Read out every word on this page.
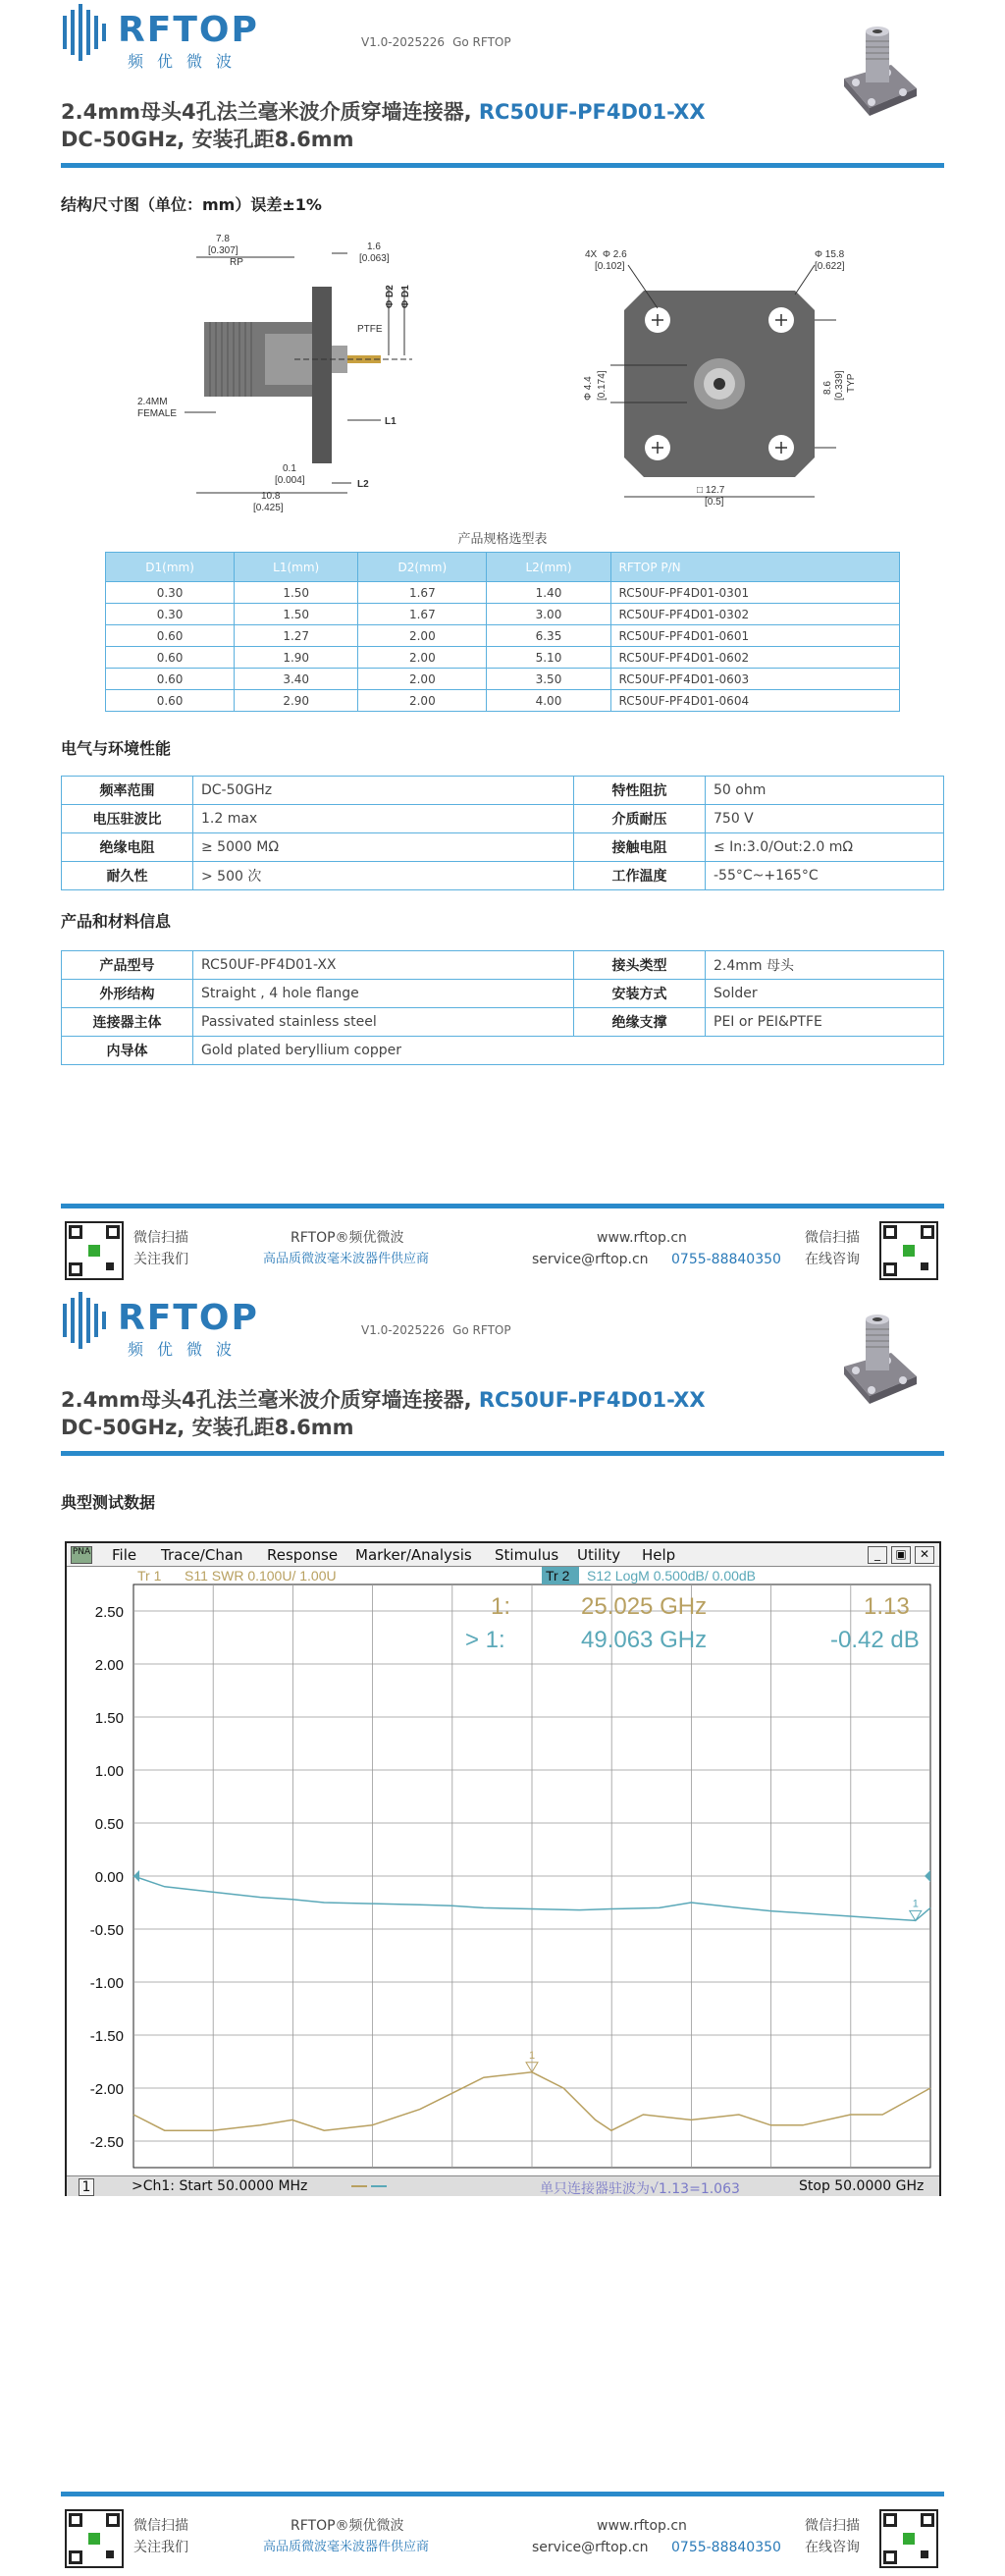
RFTOP
频优微波
V1.0-2025226 Go RFTOP
2.4mm母头4孔法兰毫米波介质穿墙连接器, RC50UF-PF4D01-XX
DC-50GHz, 安装孔距8.6mm
结构尺寸图（单位：mm）误差±1%
7.8
[0.307]
RP
1.6
[0.063]
PTFE
Φ D2 Φ D1
2.4MM
FEMALE
L1
0.1
[0.004]	L2
10.8
[0.425]
4X Φ 2.6
[0.102]
Φ 15.8
[0.622]
Φ 4.4 [0.174]	8.6 [0.339] TYP
□ 12.7
[0.5]
产品规格选型表
D1(mm)	L1(mm)	D2(mm)	L2(mm)	RFTOP P/N
0.30	1.50	1.67	1.40	RC50UF-PF4D01-0301
0.30	1.50	1.67	3.00	RC50UF-PF4D01-0302
0.60	1.27	2.00	6.35	RC50UF-PF4D01-0601
0.60	1.90	2.00	5.10	RC50UF-PF4D01-0602
0.60	3.40	2.00	3.50	RC50UF-PF4D01-0603
0.60	2.90	2.00	4.00	RC50UF-PF4D01-0604
电气与环境性能
频率范围	DC-50GHz	特性阻抗	50 ohm
电压驻波比	1.2 max	介质耐压	750 V
绝缘电阻	≥ 5000 MΩ	接触电阻	≤ In:3.0/Out:2.0 mΩ
耐久性	> 500 次	工作温度	-55°C~+165°C
产品和材料信息
产品型号	RC50UF-PF4D01-XX	接头类型	2.4mm 母头
外形结构	Straight , 4 hole flange	安装方式	Solder
连接器主体	Passivated stainless steel	绝缘支撑	PEI or PEI&PTFE
内导体	Gold plated beryllium copper		
微信扫描
关注我们
RFTOP®频优微波
高品质微波毫米波器件供应商
www.rftop.cn
service@rftop.cn 0755-88840350
微信扫描
在线咨询
RFTOP
频优微波
V1.0-2025226 Go RFTOP
2.4mm母头4孔法兰毫米波介质穿墙连接器, RC50UF-PF4D01-XX
DC-50GHz, 安装孔距8.6mm
典型测试数据
微信扫描
关注我们
RFTOP®频优微波
高品质微波毫米波器件供应商
www.rftop.cn
service@rftop.cn 0755-88840350
微信扫描
在线咨询
PNA File Trace/Chan Response Marker/Analysis Stimulus Utility Help	_	▣	✕
2.50
2.00
1.50
1.00
0.50
0.00
-0.50
-1.00
-1.50
-2.00
-2.50
Tr 1 S11 SWR 0.100U/ 1.00U	Tr 2 S12 LogM 0.500dB/ 0.00dB
1:	25.025 GHz	1.13
> 1:	49.063 GHz	-0.42 dB
1
1
1	>Ch1: Start 50.0000 MHz	单只连接器驻波为√1.13=1.063	Stop 50.0000 GHz
